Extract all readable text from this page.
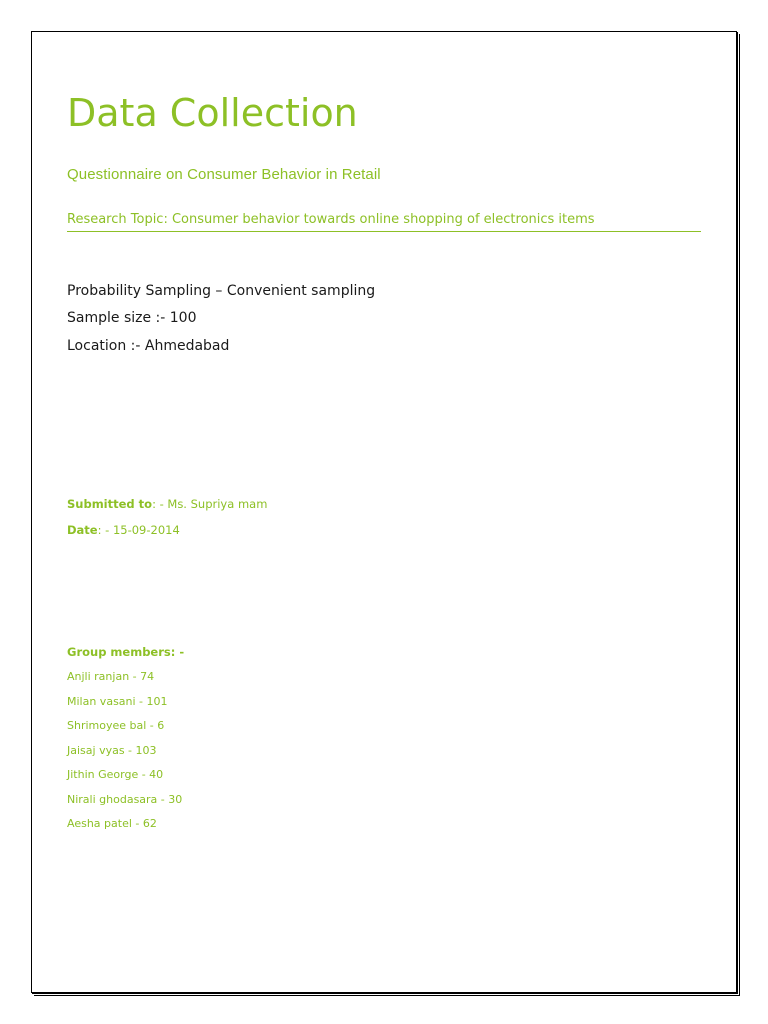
Data Collection
Questionnaire on Consumer Behavior in Retail
Research Topic: Consumer behavior towards online shopping of electronics items
Probability Sampling – Convenient sampling
Sample size :- 100
Location :- Ahmedabad
Submitted to: - Ms. Supriya mam
Date: - 15-09-2014
Group members: -
Anjli ranjan - 74
Milan vasani - 101
Shrimoyee bal - 6
Jaisaj vyas - 103
Jithin George - 40
Nirali ghodasara - 30
Aesha patel - 62
